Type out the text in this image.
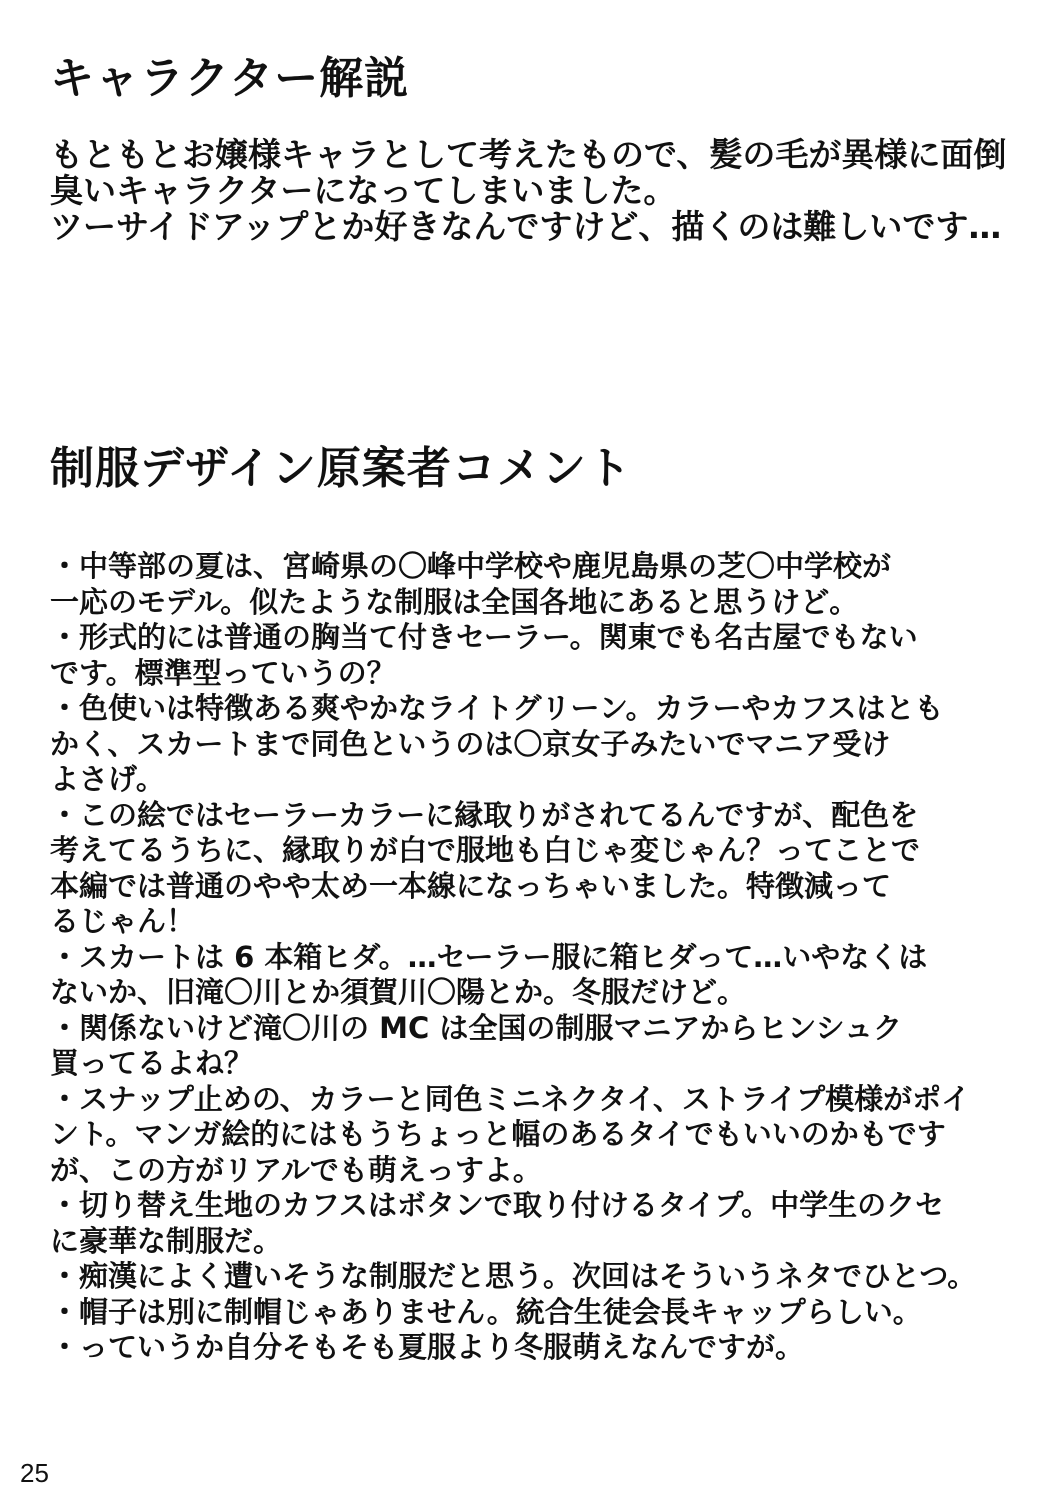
キャラクター解説
もともとお嬢様キャラとして考えたもので、髪の毛が異様に面倒
臭いキャラクターになってしまいました。
ツーサイドアップとか好きなんですけど、描くのは難しいです…
制服デザイン原案者コメント
・中等部の夏は、宮崎県の〇峰中学校や鹿児島県の芝〇中学校が
一応のモデル。似たような制服は全国各地にあると思うけど。
・形式的には普通の胸当て付きセーラー。関東でも名古屋でもない
です。標準型っていうの？
・色使いは特徴ある爽やかなライトグリーン。カラーやカフスはとも
かく、スカートまで同色というのは〇京女子みたいでマニア受け
よさげ。
・この絵ではセーラーカラーに縁取りがされてるんですが、配色を
考えてるうちに、縁取りが白で服地も白じゃ変じゃん？ってことで
本編では普通のやや太め一本線になっちゃいました。特徴減って
るじゃん！
・スカートは 6 本箱ヒダ。…セーラー服に箱ヒダって…いやなくは
ないか、旧滝〇川とか須賀川〇陽とか。冬服だけど。
・関係ないけど滝〇川の MC は全国の制服マニアからヒンシュク
買ってるよね？
・スナップ止めの、カラーと同色ミニネクタイ、ストライプ模様がポイ
ント。マンガ絵的にはもうちょっと幅のあるタイでもいいのかもです
が、この方がリアルでも萌えっすよ。
・切り替え生地のカフスはボタンで取り付けるタイプ。中学生のクセ
に豪華な制服だ。
・痴漢によく遭いそうな制服だと思う。次回はそういうネタでひとつ。
・帽子は別に制帽じゃありません。統合生徒会長キャップらしい。
・っていうか自分そもそも夏服より冬服萌えなんですが。
25
